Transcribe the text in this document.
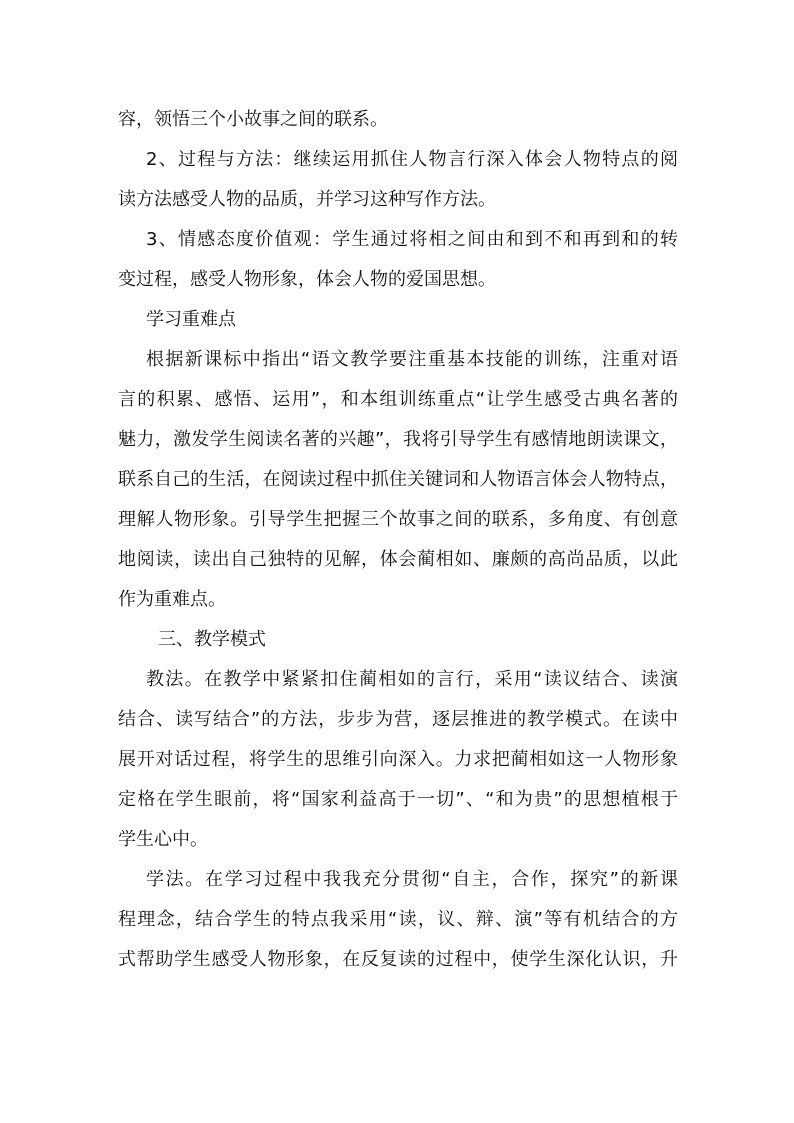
容，领悟三个小故事之间的联系。
2、过程与方法：继续运用抓住人物言行深入体会人物特点的阅
读方法感受人物的品质，并学习这种写作方法。
3、情感态度价值观：学生通过将相之间由和到不和再到和的转
变过程，感受人物形象，体会人物的爱国思想。
学习重难点
根据新课标中指出“语文教学要注重基本技能的训练，注重对语
言的积累、感悟、运用”，和本组训练重点“让学生感受古典名著的
魅力，激发学生阅读名著的兴趣”，我将引导学生有感情地朗读课文，
联系自己的生活，在阅读过程中抓住关键词和人物语言体会人物特点，
理解人物形象。引导学生把握三个故事之间的联系，多角度、有创意
地阅读，读出自己独特的见解，体会蔺相如、廉颇的高尚品质，以此
作为重难点。
三、教学模式
教法。在教学中紧紧扣住蔺相如的言行，采用“读议结合、读演
结合、读写结合”的方法，步步为营，逐层推进的教学模式。在读中
展开对话过程，将学生的思维引向深入。力求把蔺相如这一人物形象
定格在学生眼前，将“国家利益高于一切”、“和为贵”的思想植根于
学生心中。
学法。在学习过程中我我充分贯彻“自主，合作，探究”的新课
程理念，结合学生的特点我采用“读，议、辩、演”等有机结合的方
式帮助学生感受人物形象，在反复读的过程中，使学生深化认识，升
